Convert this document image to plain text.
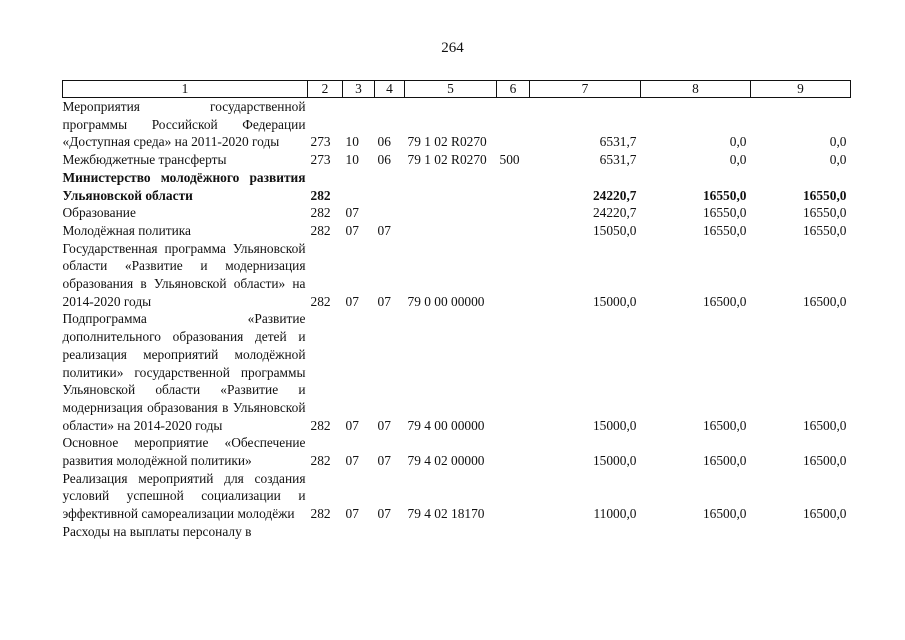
264
1	2	3	4	5	6	7	8	9
Мероприятия государственной программы Российской Федерации «Доступная среда» на 2011-2020 годы	273	10	06	79 1 02 R0270		6531,7	0,0	0,0
Межбюджетные трансферты	273	10	06	79 1 02 R0270	500	6531,7	0,0	0,0
Министерство молодёжного развития Ульяновской области	282					24220,7	16550,0	16550,0
Образование	282	07				24220,7	16550,0	16550,0
Молодёжная политика	282	07	07			15050,0	16550,0	16550,0
Государственная программа Ульяновской области «Развитие и модернизация образования в Ульяновской области» на 2014-2020 годы	282	07	07	79 0 00 00000		15000,0	16500,0	16500,0
Подпрограмма «Развитие дополнительного образования детей и реализация мероприятий молодёжной политики» государственной программы Ульяновской области «Развитие и модернизация образования в Ульяновской области» на 2014-2020 годы	282	07	07	79 4 00 00000		15000,0	16500,0	16500,0
Основное мероприятие «Обеспечение развития молодёжной политики»	282	07	07	79 4 02 00000		15000,0	16500,0	16500,0
Реализация мероприятий для создания условий успешной социализации и эффективной самореализации молодёжи	282	07	07	79 4 02 18170		11000,0	16500,0	16500,0
Расходы на выплаты персоналу в								
